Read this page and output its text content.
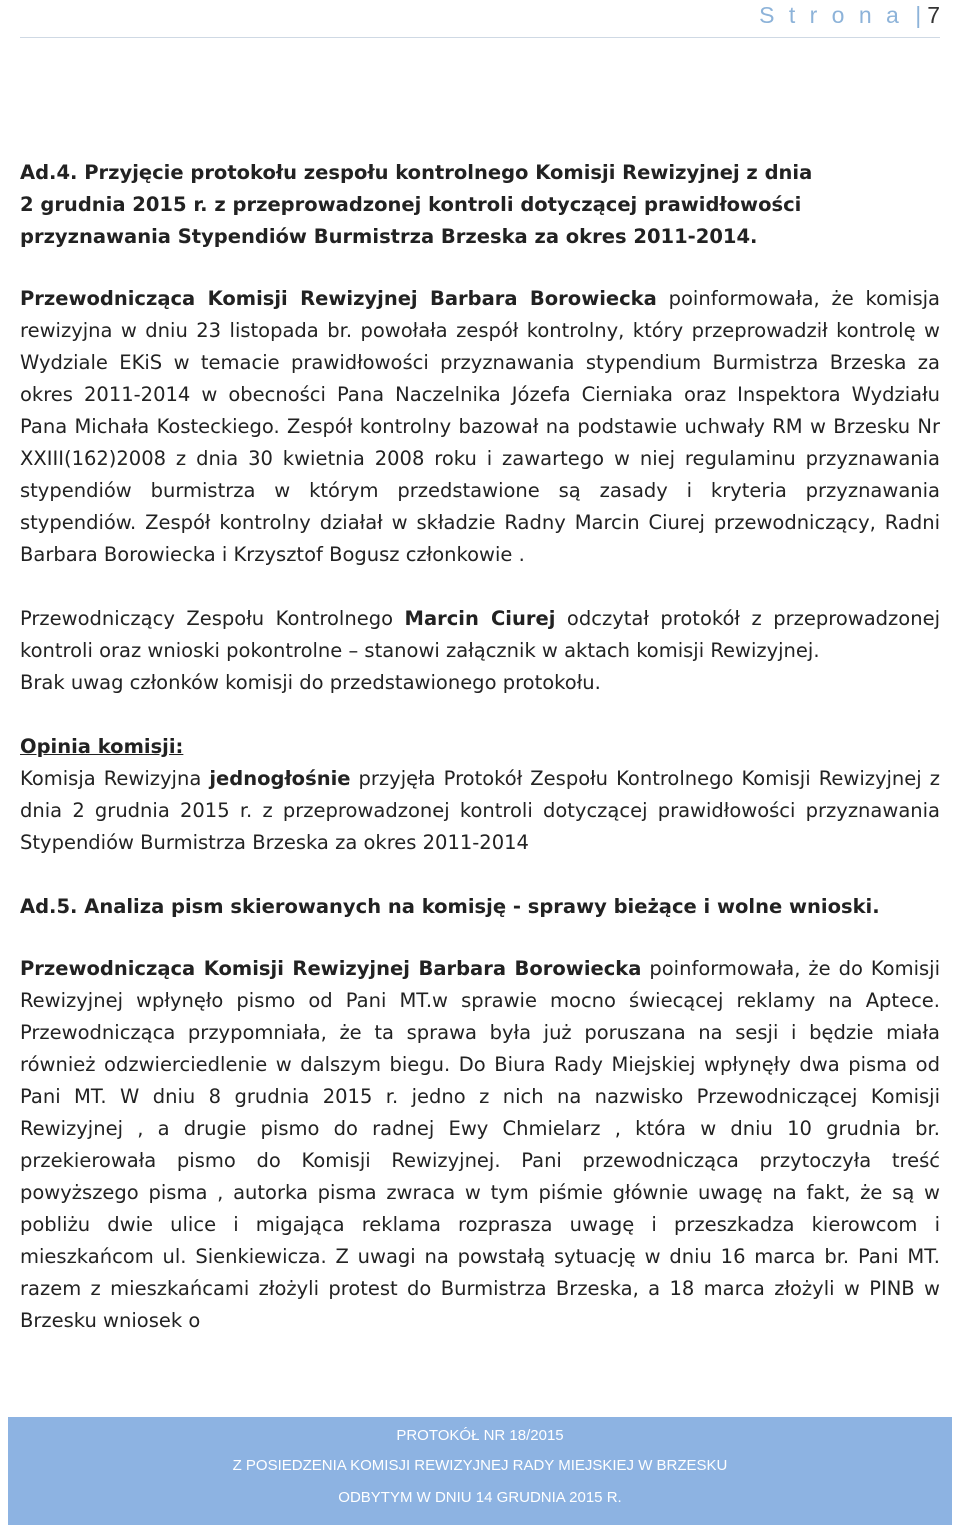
S t r o n a | 7

Ad.4. Przyjęcie protokołu zespołu kontrolnego Komisji Rewizyjnej z dnia
2 grudnia 2015 r. z przeprowadzonej kontroli dotyczącej prawidłowości
przyznawania Stypendiów Burmistrza Brzeska za okres 2011-2014.

Przewodnicząca Komisji Rewizyjnej Barbara Borowiecka poinformowała, że komisja rewizyjna w dniu 23 listopada br. powołała zespół kontrolny, który przeprowadził kontrolę w Wydziale EKiS w temacie prawidłowości przyznawania stypendium Burmistrza Brzeska za okres 2011-2014 w obecności Pana Naczelnika Józefa Cierniaka oraz Inspektora Wydziału Pana Michała Kosteckiego. Zespół kontrolny bazował na podstawie uchwały RM w Brzesku Nr XXIII(162)2008 z dnia 30 kwietnia 2008 roku i zawartego w niej regulaminu przyznawania stypendiów burmistrza w którym przedstawione są zasady i kryteria przyznawania stypendiów. Zespół kontrolny działał w składzie Radny Marcin Ciurej przewodniczący, Radni Barbara Borowiecka i Krzysztof Bogusz członkowie .

Przewodniczący Zespołu Kontrolnego Marcin Ciurej odczytał protokół z przeprowadzonej kontroli oraz wnioski pokontrolne – stanowi załącznik w aktach komisji Rewizyjnej.

Brak uwag członków komisji do przedstawionego protokołu.

Opinia komisji:

Komisja Rewizyjna jednogłośnie przyjęła Protokół Zespołu Kontrolnego Komisji Rewizyjnej z dnia 2 grudnia 2015 r. z przeprowadzonej kontroli dotyczącej prawidłowości przyznawania Stypendiów Burmistrza Brzeska za okres 2011-2014

Ad.5. Analiza pism skierowanych na komisję - sprawy bieżące i wolne wnioski.

Przewodnicząca Komisji Rewizyjnej Barbara Borowiecka poinformowała, że do Komisji Rewizyjnej wpłynęło pismo od Pani MT.w sprawie mocno świecącej reklamy na Aptece. Przewodnicząca przypomniała, że ta sprawa była już poruszana na sesji i będzie miała również odzwierciedlenie w dalszym biegu. Do Biura Rady Miejskiej wpłynęły dwa pisma od Pani MT. W dniu 8 grudnia 2015 r. jedno z nich na nazwisko Przewodniczącej Komisji Rewizyjnej , a drugie pismo do radnej Ewy Chmielarz , która w dniu 10 grudnia br. przekierowała pismo do Komisji Rewizyjnej. Pani przewodnicząca przytoczyła treść powyższego pisma , autorka pisma zwraca w tym piśmie głównie uwagę na fakt, że są w pobliżu dwie ulice i migająca reklama rozprasza uwagę i przeszkadza kierowcom i mieszkańcom ul. Sienkiewicza. Z uwagi na powstałą sytuację w dniu 16 marca br. Pani MT. razem z mieszkańcami złożyli protest do Burmistrza Brzeska, a 18 marca złożyli w PINB w Brzesku wniosek o

PROTOKÓŁ NR 18/2015
Z POSIEDZENIA KOMISJI REWIZYJNEJ RADY MIEJSKIEJ W BRZESKU
ODBYTYM W DNIU 14 GRUDNIA 2015 R.
